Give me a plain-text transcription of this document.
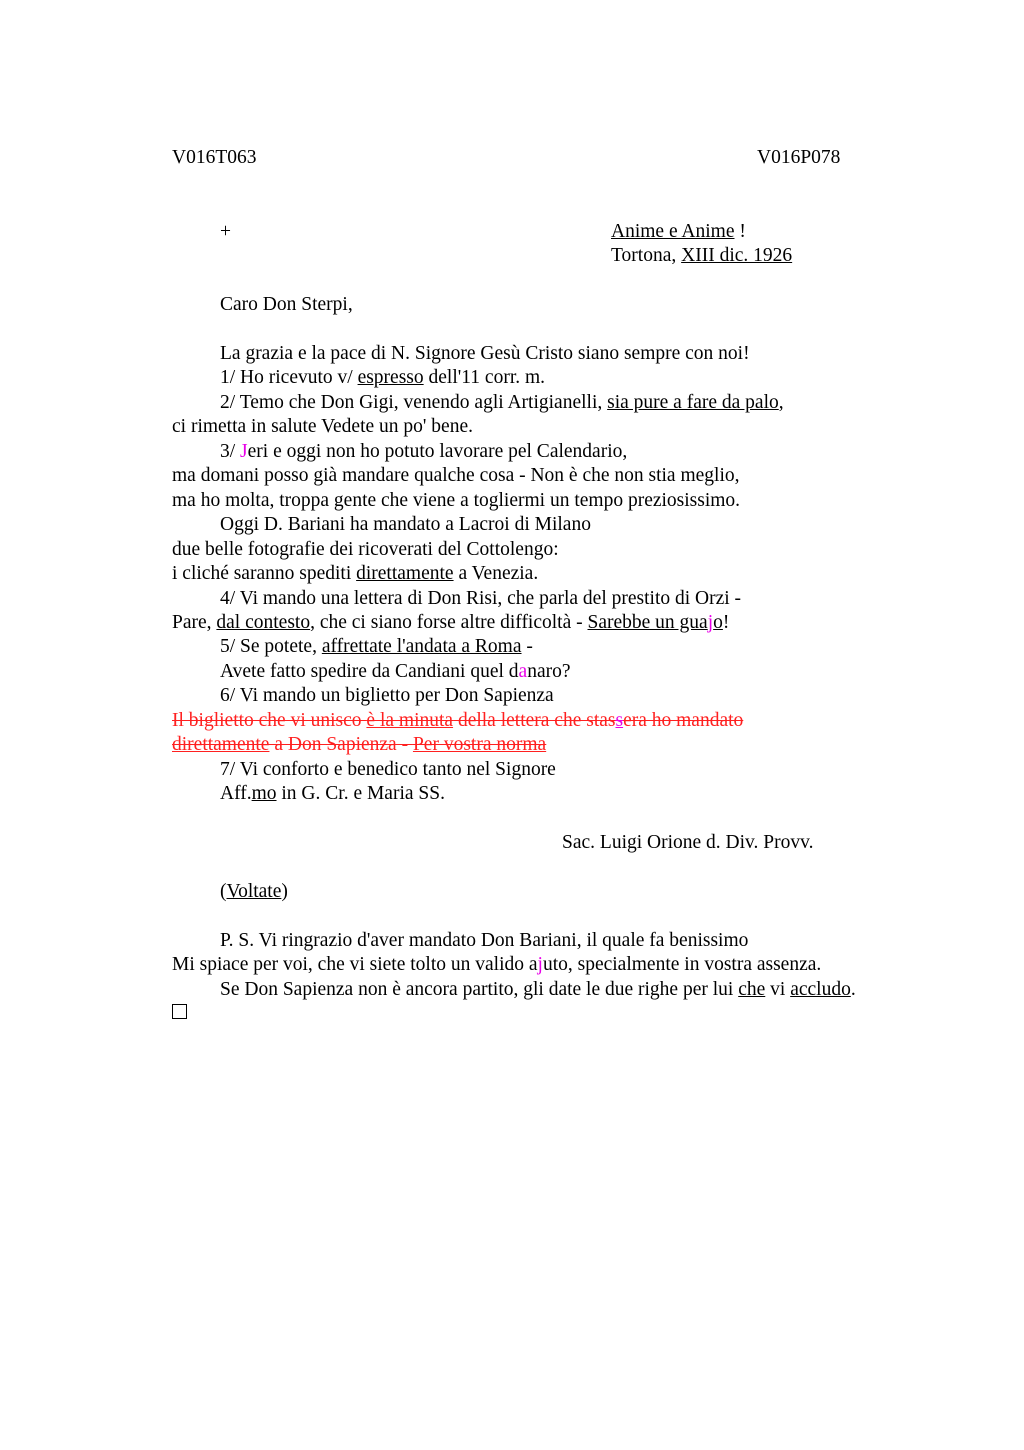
V016T063	V016P078
+	Anime e Anime !
Tortona, XIII dic. 1926
Caro Don Sterpi,
La grazia e la pace di N. Signore Gesù Cristo siano sempre con noi!
1/ Ho ricevuto v/ espresso dell'11 corr. m.
2/ Temo che Don Gigi, venendo agli Artigianelli, sia pure a fare da palo,
ci rimetta in salute Vedete un po' bene.
3/ Jeri e oggi non ho potuto lavorare pel Calendario,
ma domani posso già mandare qualche cosa - Non è che non stia meglio,
ma ho molta, troppa gente che viene a togliermi un tempo preziosissimo.
Oggi D. Bariani ha mandato a Lacroi di Milano
due belle fotografie dei ricoverati del Cottolengo:
i cliché saranno spediti direttamente a Venezia.
4/ Vi mando una lettera di Don Risi, che parla del prestito di Orzi -
Pare, dal contesto, che ci siano forse altre difficoltà - Sarebbe un guajo!
5/ Se potete, affrettate l'andata a Roma -
Avete fatto spedire da Candiani quel danaro?
6/ Vi mando un biglietto per Don Sapienza
Il biglietto che vi unisco è la minuta della lettera che stassera ho mandato
direttamente a Don Sapienza - Per vostra norma
7/ Vi conforto e benedico tanto nel Signore
Aff.mo in G. Cr. e Maria SS.
Sac. Luigi Orione d. Div. Provv.
(Voltate)
P. S. Vi ringrazio d'aver mandato Don Bariani, il quale fa benissimo
Mi spiace per voi, che vi siete tolto un valido ajuto, specialmente in vostra assenza.
Se Don Sapienza non è ancora partito, gli date le due righe per lui che vi accludo.
